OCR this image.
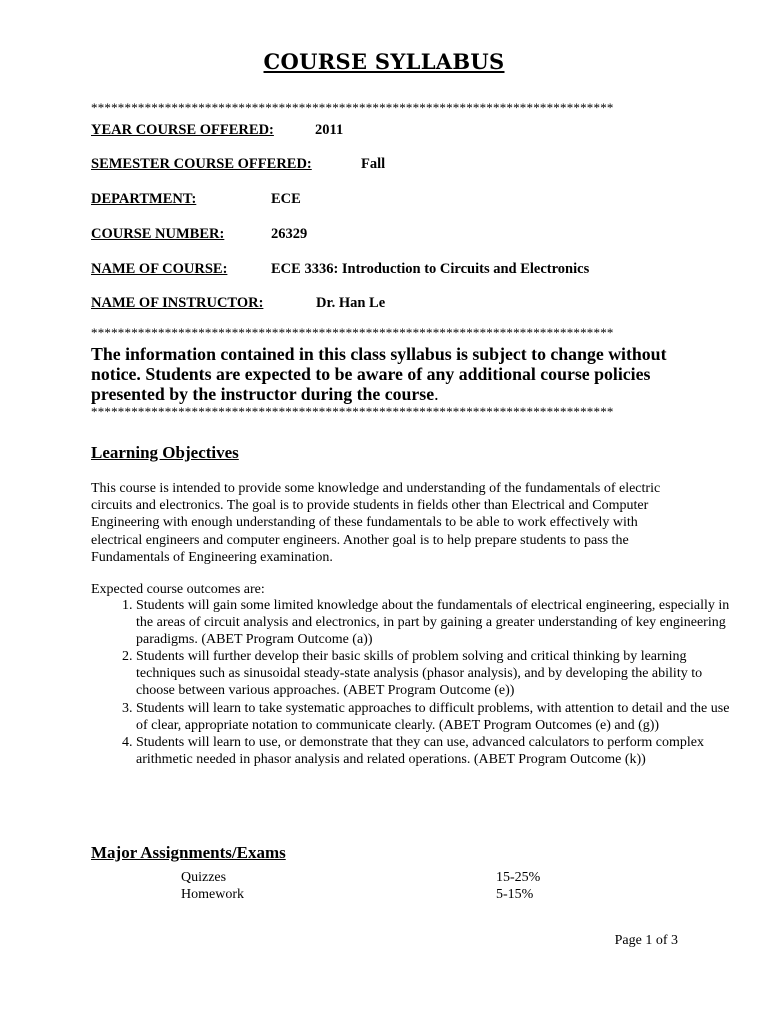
COURSE SYLLABUS
******************************************************************************
YEAR COURSE OFFERED:	2011
SEMESTER COURSE OFFERED:	Fall
DEPARTMENT:	ECE
COURSE NUMBER:	26329
NAME OF COURSE:	ECE 3336: Introduction to Circuits and Electronics
NAME OF INSTRUCTOR:	Dr. Han Le
******************************************************************************
The information contained in this class syllabus is subject to change without notice. Students are expected to be aware of any additional course policies presented by the instructor during the course.
******************************************************************************
Learning Objectives
This course is intended to provide some knowledge and understanding of the fundamentals of electric circuits and electronics. The goal is to provide students in fields other than Electrical and Computer Engineering with enough understanding of these fundamentals to be able to work effectively with electrical engineers and computer engineers. Another goal is to help prepare students to pass the Fundamentals of Engineering examination.
Expected course outcomes are:
1. Students will gain some limited knowledge about the fundamentals of electrical engineering, especially in the areas of circuit analysis and electronics, in part by gaining a greater understanding of key engineering paradigms. (ABET Program Outcome (a))
2. Students will further develop their basic skills of problem solving and critical thinking by learning techniques such as sinusoidal steady-state analysis (phasor analysis), and by developing the ability to choose between various approaches. (ABET Program Outcome (e))
3. Students will learn to take systematic approaches to difficult problems, with attention to detail and the use of clear, appropriate notation to communicate clearly. (ABET Program Outcomes (e) and (g))
4. Students will learn to use, or demonstrate that they can use, advanced calculators to perform complex arithmetic needed in phasor analysis and related operations. (ABET Program Outcome (k))
Major Assignments/Exams
Quizzes	15-25%
Homework	5-15%
Page 1 of 3
